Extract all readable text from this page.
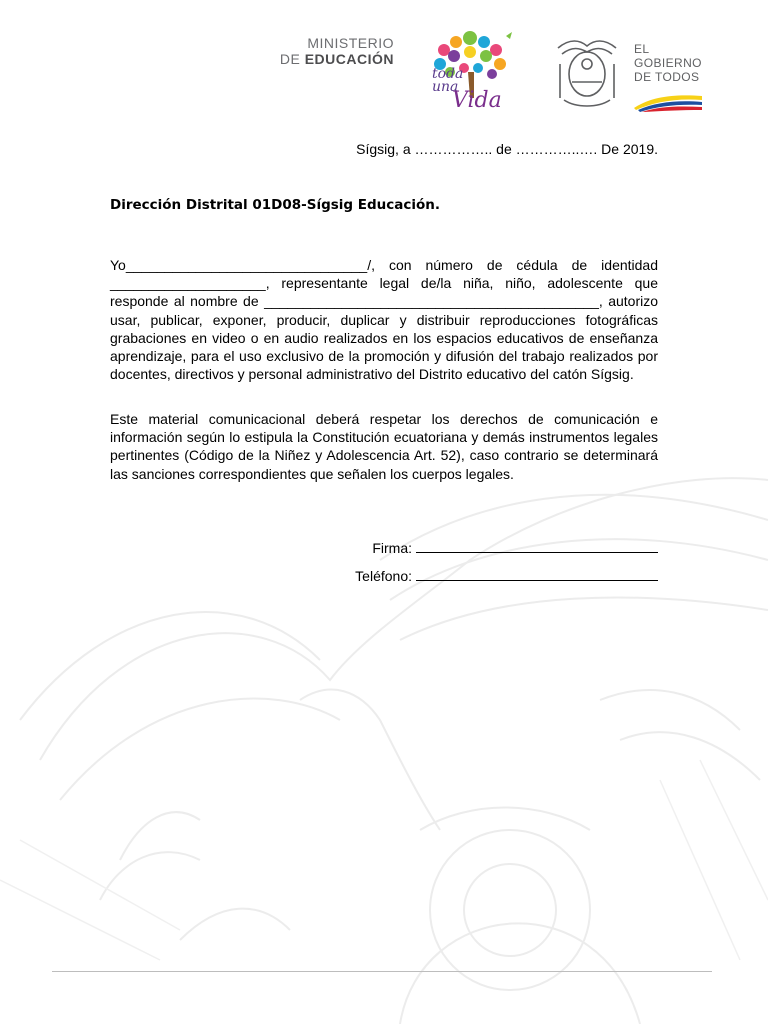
MINISTERIO
DE EDUCACIÓN
toda
una Vida
EL
GOBIERNO
DE TODOS
Sígsig, a …………….. de …………..…. De 2019.
Dirección Distrital 01D08-Sígsig Educación.
Yo_______________________________/, con número de cédula de identidad ____________________, representante legal de/la niña, niño, adolescente que responde al nombre de ___________________________________________, autorizo usar, publicar, exponer, producir, duplicar y distribuir reproducciones fotográficas grabaciones en video o en audio realizados en los espacios educativos de enseñanza aprendizaje, para el uso exclusivo de la promoción y difusión del trabajo realizados por docentes, directivos y personal administrativo del Distrito educativo del catón Sígsig.
Este material comunicacional deberá respetar los derechos de comunicación e información según lo estipula la Constitución ecuatoriana y demás instrumentos legales pertinentes (Código de la Niñez y Adolescencia Art. 52), caso contrario se determinará las sanciones correspondientes que señalen los cuerpos legales.
Firma:
Teléfono:
